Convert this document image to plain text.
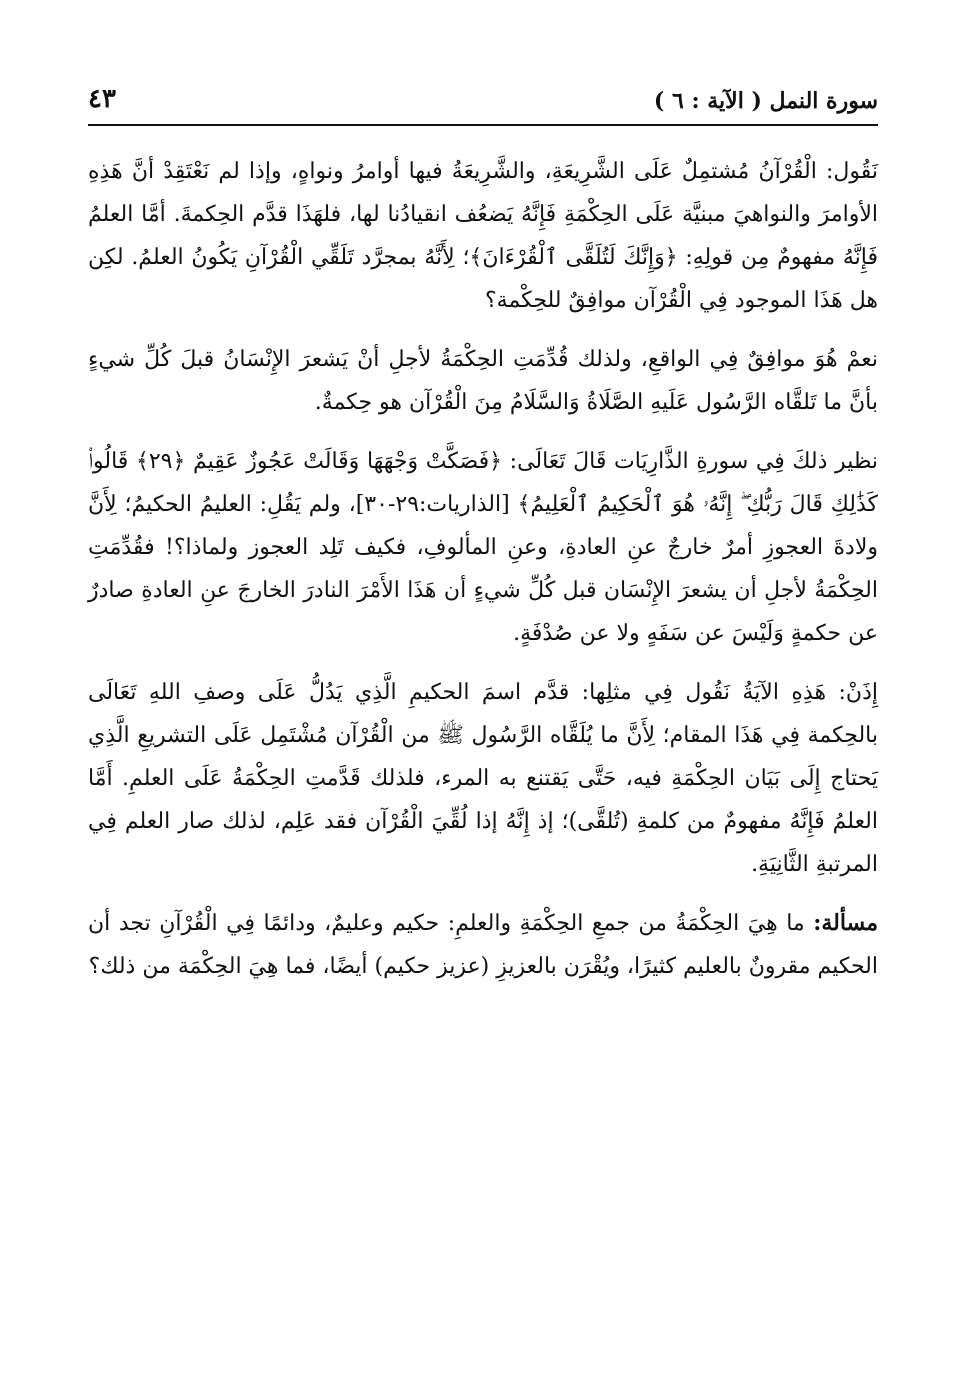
سورة النمل ( الآية : ٦ )
٤٣

نَقُول: الْقُرْآنُ مُشتمِلٌ عَلَى الشَّرِيعَةِ، والشَّرِيعَةُ فيها أوامرُ ونواهٍ، وإذا لم نَعْتَقِدْ أنَّ هَذِهِ الأوامرَ والنواهيَ مبنيَّة عَلَى الحِكْمَةِ فَإِنَّهُ يَضعُف انقيادُنا لها، فلهَذَا قدَّم الحِكمةَ. أمَّا العلمُ فَإِنَّهُ مفهومٌ مِن قولِهِ: ﴿وَإِنَّكَ لَتُلَقَّى ٱلْقُرْءَانَ﴾؛ لِأَنَّهُ بمجرَّد تَلَقِّي الْقُرْآنِ يَكُونُ العلمُ. لكِن هل هَذَا الموجود فِي الْقُرْآن موافِقٌ للحِكْمة؟

نعمْ هُوَ موافِقٌ فِي الواقعِ، ولذلك قُدِّمَتِ الحِكْمَةُ لأجلِ أنْ يَشعرَ الإِنْسَانُ قبلَ كُلِّ شيءٍ بأنَّ ما تَلقَّاه الرَّسُول عَلَيهِ الصَّلَاةُ وَالسَّلَامُ مِنَ الْقُرْآن هو حِكمةٌ.

نظير ذلكَ فِي سورةِ الذَّارِيَات قَالَ تَعَالَى: ﴿فَصَكَّتْ وَجْهَهَا وَقَالَتْ عَجُوزٌ عَقِيمٌ ﴿٢٩﴾ قَالُوا۟ كَذَٰلِكِ قَالَ رَبُّكِ ۖ إِنَّهُۥ هُوَ ٱلْحَكِيمُ ٱلْعَلِيمُ﴾ [الذاريات:٢٩-٣٠]، ولم يَقُلِ: العليمُ الحكيمُ؛ لِأَنَّ ولادةَ العجوزِ أمرٌ خارجٌ عنِ العادةِ، وعنِ المألوفِ، فكيف تَلِد العجوز ولماذا؟! فقُدِّمَتِ الحِكْمَةُ لأجلِ أن يشعرَ الإِنْسَان قبل كُلِّ شيءٍ أن هَذَا الأَمْرَ النادرَ الخارجَ عنِ العادةِ صادرٌ عن حكمةٍ وَلَيْسَ عن سَفَهٍ ولا عن صُدْفَةٍ.

إِذَنْ: هَذِهِ الآيَةُ نَقُول فِي مثلِها: قدَّم اسمَ الحكيمِ الَّذِي يَدُلُّ عَلَى وصفِ اللهِ تَعَالَى بالحِكمة فِي هَذَا المقام؛ لِأَنَّ ما يُلَقَّاه الرَّسُول ﷺ من الْقُرْآن مُشْتَمِل عَلَى التشريعِ الَّذِي يَحتاج إِلَى بَيَان الحِكْمَةِ فيه، حَتَّى يَقتنع به المرء، فلذلك قَدَّمتِ الحِكْمَةُ عَلَى العلمِ. أَمَّا العلمُ فَإِنَّهُ مفهومٌ من كلمةِ (تُلقَّى)؛ إذ إِنَّهُ إذا لُقِّيَ الْقُرْآن فقد عَلِم، لذلك صار العلم فِي المرتبةِ الثَّانِيَةِ.

مسألة: ما هِيَ الحِكْمَةُ من جمعِ الحِكْمَةِ والعلمِ: حكيم وعليمٌ، ودائمًا فِي الْقُرْآنِ تجد أن الحكيم مقرونٌ بالعليم كثيرًا، ويُقْرَن بالعزيزِ (عزيز حكيم) أيضًا، فما هِيَ الحِكْمَة من ذلك؟
